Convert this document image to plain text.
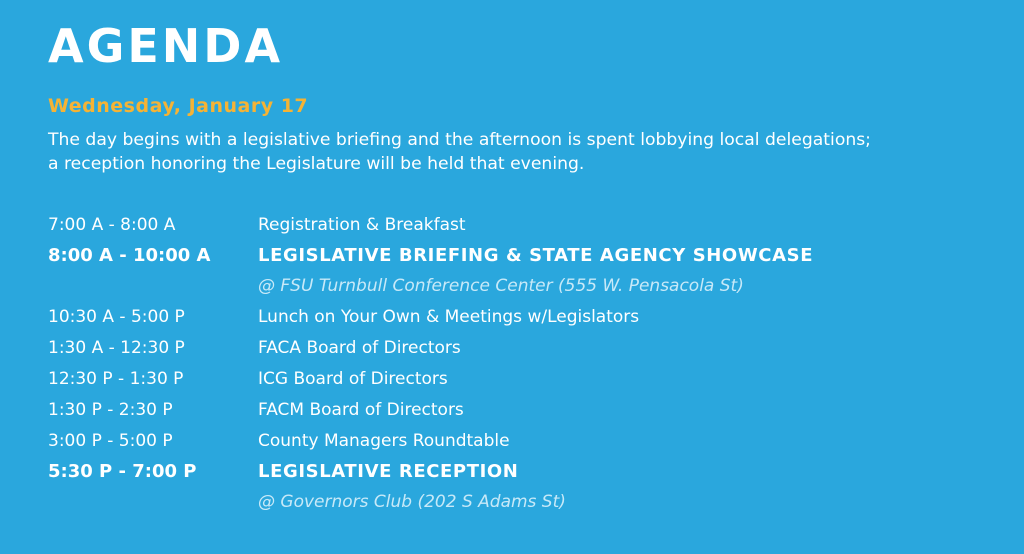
AGENDA
Wednesday, January 17

The day begins with a legislative briefing and the afternoon is spent lobbying local delegations;

a reception honoring the Legislature will be held that evening.

7:00 A - 8:00 A	Registration & Breakfast
8:00 A - 10:00 A	LEGISLATIVE BRIEFING & STATE AGENCY SHOWCASE
@ FSU Turnbull Conference Center (555 W. Pensacola St)
10:30 A - 5:00 P	Lunch on Your Own & Meetings w/Legislators
1:30 A - 12:30 P	FACA Board of Directors
12:30 P - 1:30 P	ICG Board of Directors
1:30 P - 2:30 P	FACM Board of Directors
3:00 P - 5:00 P	County Managers Roundtable
5:30 P - 7:00 P	LEGISLATIVE RECEPTION
@ Governors Club (202 S Adams St)
